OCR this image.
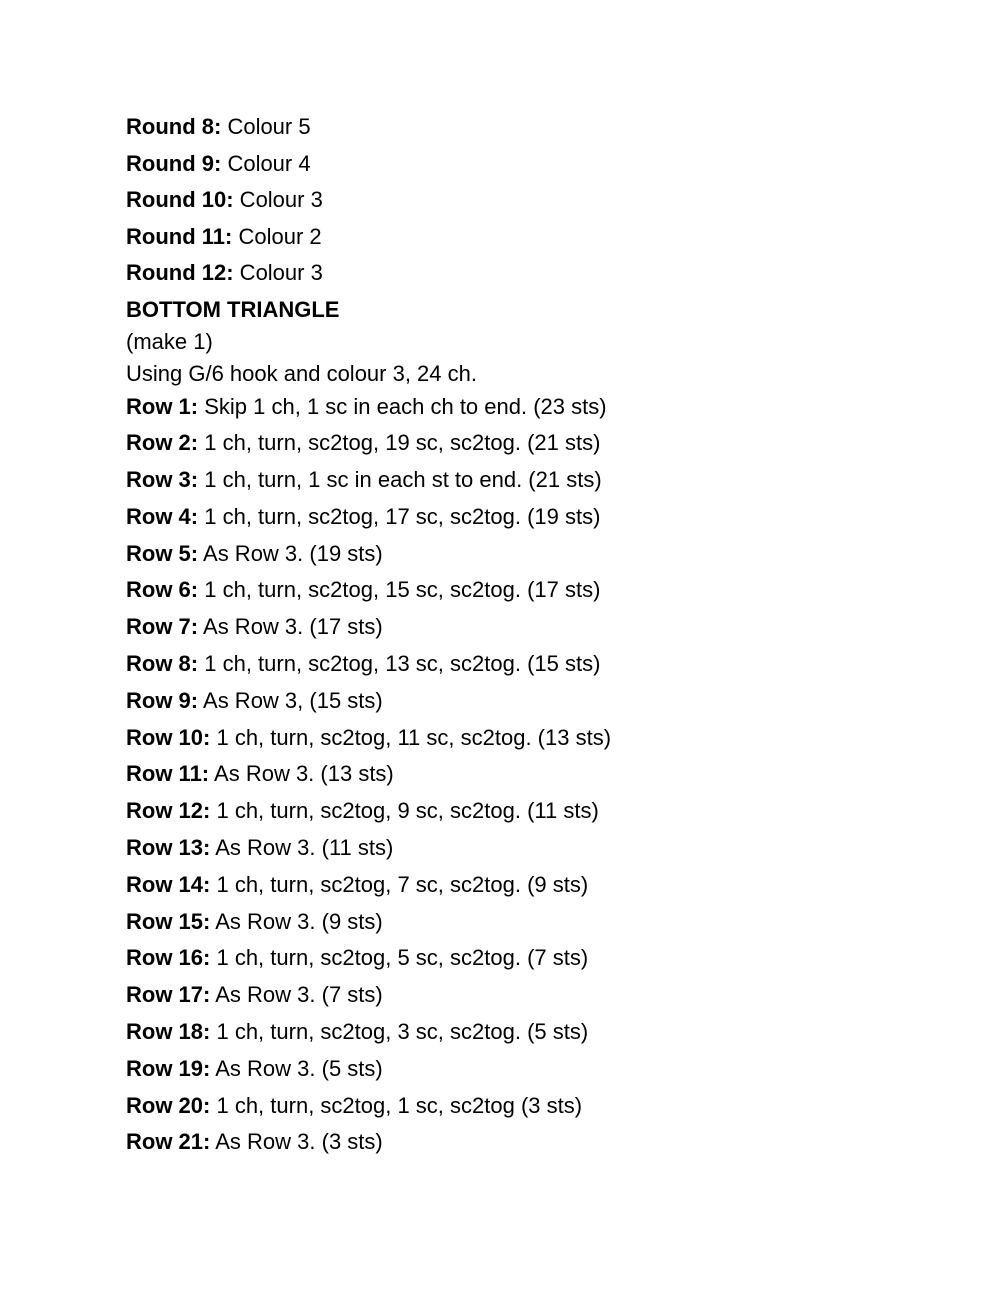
Round 8: Colour 5
Round 9: Colour 4
Round 10: Colour 3
Round 11: Colour 2
Round 12: Colour 3
BOTTOM TRIANGLE
(make 1)
Using G/6 hook and colour 3, 24 ch.
Row 1: Skip 1 ch, 1 sc in each ch to end. (23 sts)
Row 2: 1 ch, turn, sc2tog, 19 sc, sc2tog. (21 sts)
Row 3: 1 ch, turn, 1 sc in each st to end. (21 sts)
Row 4: 1 ch, turn, sc2tog, 17 sc, sc2tog. (19 sts)
Row 5: As Row 3. (19 sts)
Row 6: 1 ch, turn, sc2tog, 15 sc, sc2tog. (17 sts)
Row 7: As Row 3. (17 sts)
Row 8: 1 ch, turn, sc2tog, 13 sc, sc2tog. (15 sts)
Row 9: As Row 3, (15 sts)
Row 10: 1 ch, turn, sc2tog, 11 sc, sc2tog. (13 sts)
Row 11: As Row 3. (13 sts)
Row 12: 1 ch, turn, sc2tog, 9 sc, sc2tog. (11 sts)
Row 13: As Row 3. (11 sts)
Row 14: 1 ch, turn, sc2tog, 7 sc, sc2tog. (9 sts)
Row 15: As Row 3. (9 sts)
Row 16: 1 ch, turn, sc2tog, 5 sc, sc2tog. (7 sts)
Row 17: As Row 3. (7 sts)
Row 18: 1 ch, turn, sc2tog, 3 sc, sc2tog. (5 sts)
Row 19: As Row 3. (5 sts)
Row 20: 1 ch, turn, sc2tog, 1 sc, sc2tog (3 sts)
Row 21: As Row 3. (3 sts)
